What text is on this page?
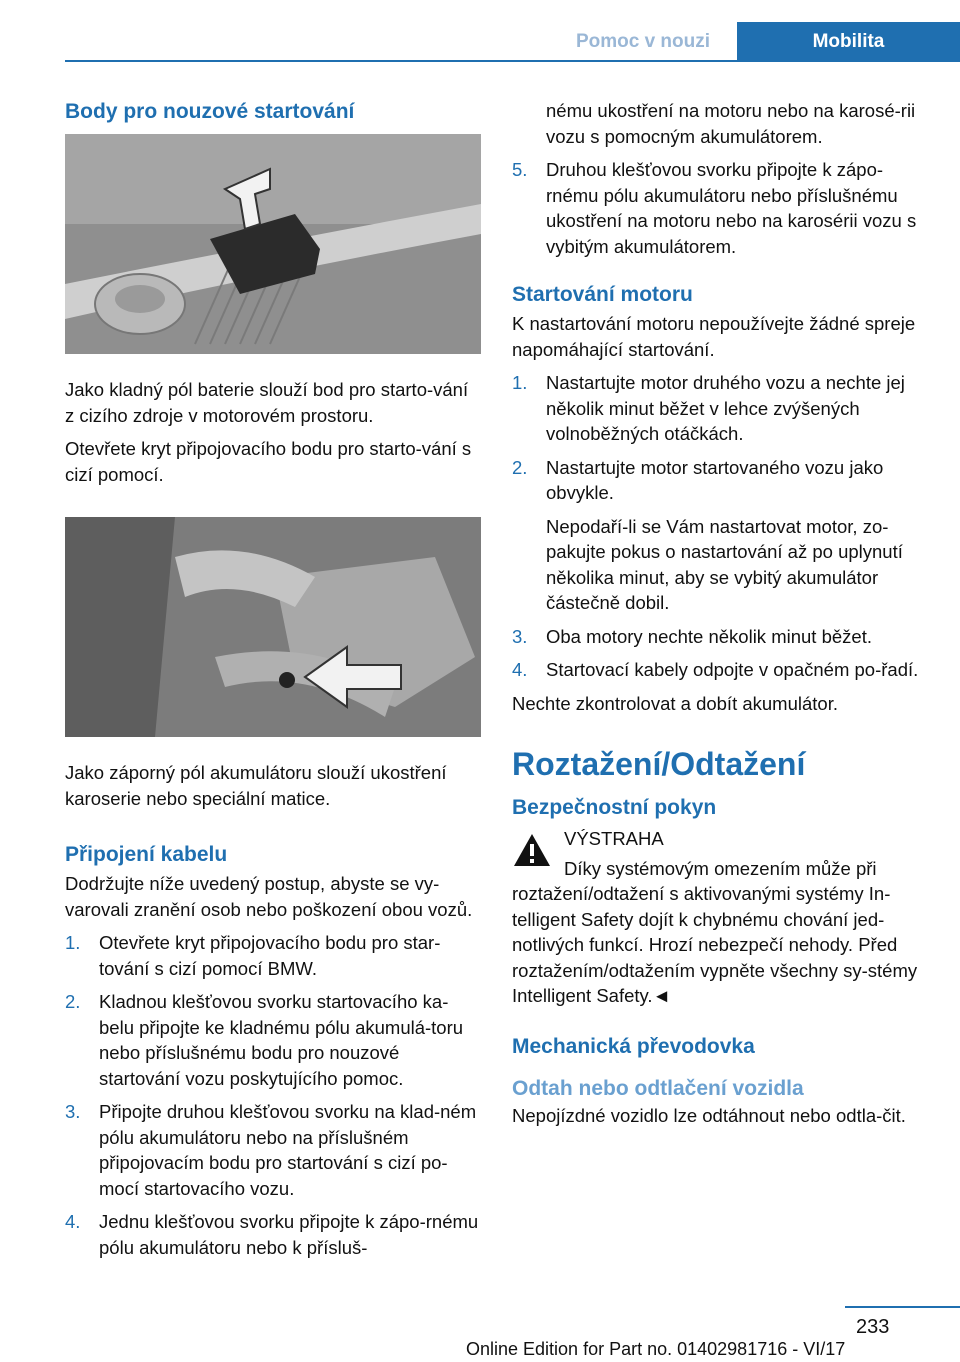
Pomoc v nouzi	Mobilita
Body pro nouzové startování

Jako kladný pól baterie slouží bod pro starto‐vání z cizího zdroje v motorovém prostoru.

Otevřete kryt připojovacího bodu pro starto‐vání s cizí pomocí.

Jako záporný pól akumulátoru slouží ukostření karoserie nebo speciální matice.

Připojení kabelu

Dodržujte níže uvedený postup, abyste se vy‐varovali zranění osob nebo poškození obou vozů.

1. Otevřete kryt připojovacího bodu pro star‐tování s cizí pomocí BMW.
2. Kladnou klešťovou svorku startovacího ka‐belu připojte ke kladnému pólu akumulá‐toru nebo příslušnému bodu pro nouzové startování vozu poskytujícího pomoc.
3. Připojte druhou klešťovou svorku na klad‐ném pólu akumulátoru nebo na příslušném připojovacím bodu pro startování s cizí po‐mocí startovacího vozu.
4. Jednu klešťovou svorku připojte k zápo‐rnému pólu akumulátoru nebo k přísluš‐
nému ukostření na motoru nebo na karosé‐rii vozu s pomocným akumulátorem.
5. Druhou klešťovou svorku připojte k zápo‐rnému pólu akumulátoru nebo příslušnému ukostření na motoru nebo na karosérii vozu s vybitým akumulátorem.
Startování motoru

K nastartování motoru nepoužívejte žádné spreje napomáhající startování.

1. Nastartujte motor druhého vozu a nechte jej několik minut běžet v lehce zvýšených volnoběžných otáčkách.
2. Nastartujte motor startovaného vozu jako obvykle.
Nepodaří-li se Vám nastartovat motor, zo‐pakujte pokus o nastartování až po uplynutí několika minut, aby se vybitý akumulátor částečně dobil.
3. Oba motory nechte několik minut běžet.
4. Startovací kabely odpojte v opačném po‐řadí.

Nechte zkontrolovat a dobít akumulátor.

Roztažení/Odtažení
Bezpečnostní pokyn

VÝSTRAHA

Díky systémovým omezením může při

roztažení/odtažení s aktivovanými systémy In‐telligent Safety dojít k chybnému chování jed‐notlivých funkcí. Hrozí nebezpečí nehody. Před roztažením/odtažením vypněte všechny sy‐stémy Intelligent Safety.◄

Mechanická převodovka
Odtah nebo odtlačení vozidla

Nepojízdné vozidlo lze odtáhnout nebo odtla‐čit.

233
Online Edition for Part no. 01402981716 - VI/17
